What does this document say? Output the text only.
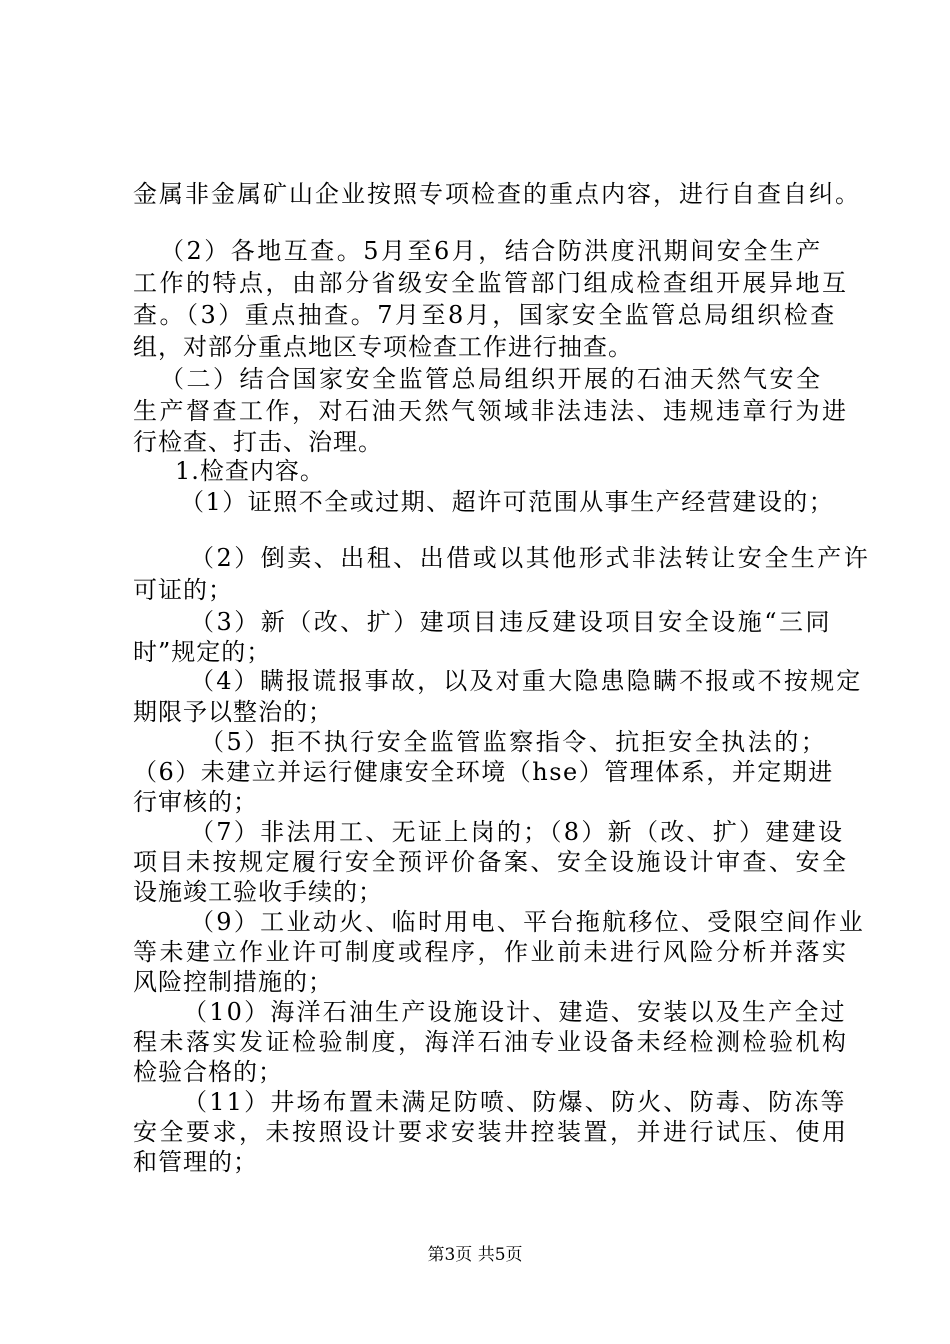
金属非金属矿山企业按照专项检查的重点内容，进行自查自纠。
（2）各地互查。5月至6月，结合防洪度汛期间安全生产
工作的特点，由部分省级安全监管部门组成检查组开展异地互
查。（3）重点抽查。7月至8月，国家安全监管总局组织检查
组，对部分重点地区专项检查工作进行抽查。
（二）结合国家安全监管总局组织开展的石油天然气安全
生产督查工作，对石油天然气领域非法违法、违规违章行为进
行检查、打击、治理。
1.检查内容。
（1）证照不全或过期、超许可范围从事生产经营建设的；
（2）倒卖、出租、出借或以其他形式非法转让安全生产许
可证的；
（3）新（改、扩）建项目违反建设项目安全设施“三同
时”规定的；
（4）瞒报谎报事故，以及对重大隐患隐瞒不报或不按规定
期限予以整治的；
（5）拒不执行安全监管监察指令、抗拒安全执法的；
（6）未建立并运行健康安全环境（hse）管理体系，并定期进
行审核的；
（7）非法用工、无证上岗的；（8）新（改、扩）建建设
项目未按规定履行安全预评价备案、安全设施设计审查、安全
设施竣工验收手续的；
（9）工业动火、临时用电、平台拖航移位、受限空间作业
等未建立作业许可制度或程序，作业前未进行风险分析并落实
风险控制措施的；
（10）海洋石油生产设施设计、建造、安装以及生产全过
程未落实发证检验制度，海洋石油专业设备未经检测检验机构
检验合格的；
（11）井场布置未满足防喷、防爆、防火、防毒、防冻等
安全要求，未按照设计要求安装井控装置，并进行试压、使用
和管理的；
第3页 共5页
